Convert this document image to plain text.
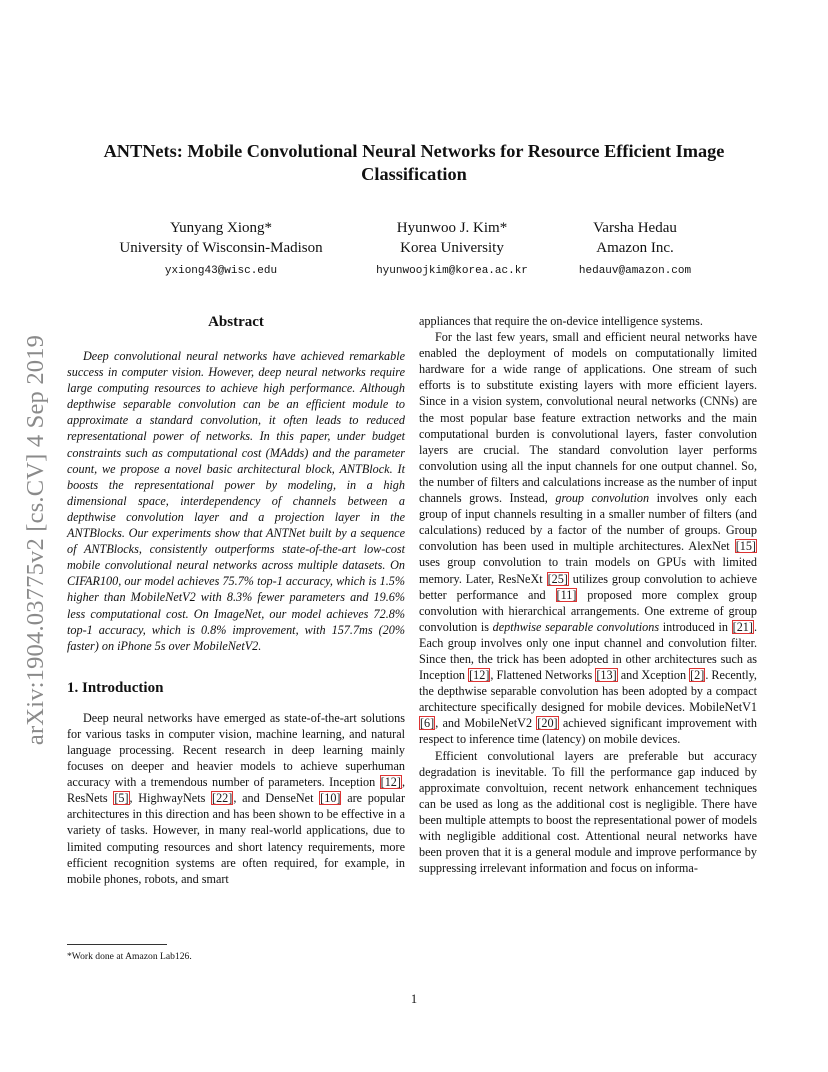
arXiv:1904.03775v2 [cs.CV] 4 Sep 2019
ANTNets: Mobile Convolutional Neural Networks for Resource Efficient Image Classification
Yunyang Xiong*
University of Wisconsin-Madison
yxiong43@wisc.edu
Hyunwoo J. Kim*
Korea University
hyunwoojkim@korea.ac.kr
Varsha Hedau
Amazon Inc.
hedauv@amazon.com
Abstract

Deep convolutional neural networks have achieved remarkable success in computer vision. However, deep neural networks require large computing resources to achieve high performance. Although depthwise separable convolution can be an efficient module to approximate a standard convolution, it often leads to reduced representational power of networks. In this paper, under budget constraints such as computational cost (MAdds) and the parameter count, we propose a novel basic architectural block, ANTBlock. It boosts the representational power by modeling, in a high dimensional space, interdependency of channels between a depthwise convolution layer and a projection layer in the ANTBlocks. Our experiments show that ANTNet built by a sequence of ANTBlocks, consistently outperforms state-of-the-art low-cost mobile convolutional neural networks across multiple datasets. On CIFAR100, our model achieves 75.7% top-1 accuracy, which is 1.5% higher than MobileNetV2 with 8.3% fewer parameters and 19.6% less computational cost. On ImageNet, our model achieves 72.8% top-1 accuracy, which is 0.8% improvement, with 157.7ms (20% faster) on iPhone 5s over MobileNetV2.

1. Introduction

Deep neural networks have emerged as state-of-the-art solutions for various tasks in computer vision, machine learning, and natural language processing. Recent research in deep learning mainly focuses on deeper and heavier models to achieve superhuman accuracy with a tremendous number of parameters. Inception [12], ResNets [5], HighwayNets [22], and DenseNet [10] are popular architectures in this direction and has been shown to be effective in a variety of tasks. However, in many real-world applications, due to limited computing resources and short latency requirements, more efficient recognition systems are often required, for example, in mobile phones, robots, and smart

appliances that require the on-device intelligence systems.

For the last few years, small and efficient neural networks have enabled the deployment of models on computationally limited hardware for a wide range of applications. One stream of such efforts is to substitute existing layers with more efficient layers. Since in a vision system, convolutional neural networks (CNNs) are the most popular base feature extraction networks and the main computational burden is convolutional layers, faster convolution layers are crucial. The standard convolution layer performs convolution using all the input channels for one output channel. So, the number of filters and calculations increase as the number of input channels grows. Instead, group convolution involves only each group of input channels resulting in a smaller number of filters (and calculations) reduced by a factor of the number of groups. Group convolution has been used in multiple architectures. AlexNet [15] uses group convolution to train models on GPUs with limited memory. Later, ResNeXt [25] utilizes group convolution to achieve better performance and [11] proposed more complex group convolution with hierarchical arrangements. One extreme of group convolution is depthwise separable convolutions introduced in [21]. Each group involves only one input channel and convolution filter. Since then, the trick has been adopted in other architectures such as Inception [12], Flattened Networks [13] and Xception [2]. Recently, the depthwise separable convolution has been adopted by a compact architecture specifically designed for mobile devices. MobileNetV1 [6], and MobileNetV2 [20] achieved significant improvement with respect to inference time (latency) on mobile devices.

Efficient convolutional layers are preferable but accuracy degradation is inevitable. To fill the performance gap induced by approximate convoltuion, recent network enhancement techniques can be used as long as the additional cost is negligible. There have been multiple attempts to boost the representational power of models with negligible additional cost. Attentional neural networks have been proven that it is a general module and improve performance by suppressing irrelevant information and focus on informa-

*Work done at Amazon Lab126.
1
